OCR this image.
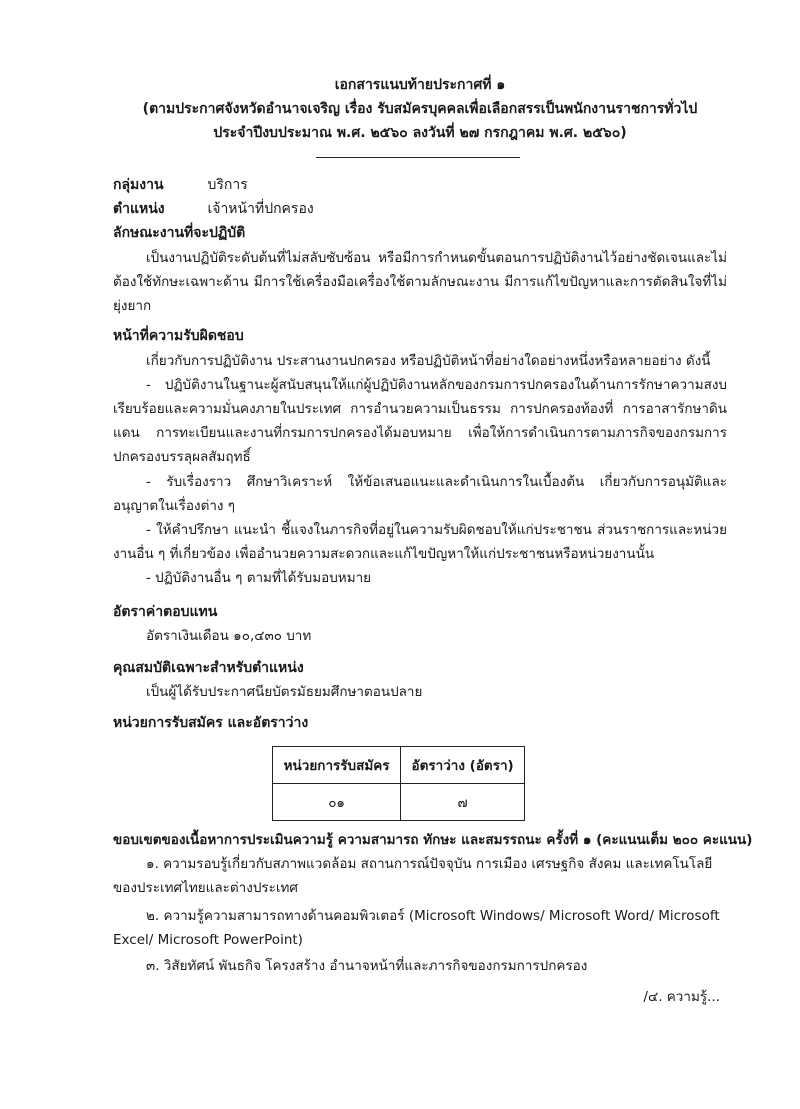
เอกสารแนบท้ายประกาศที่ ๑
(ตามประกาศจังหวัดอำนาจเจริญ เรื่อง รับสมัครบุคคลเพื่อเลือกสรรเป็นพนักงานราชการทั่วไป
ประจำปีงบประมาณ พ.ศ. ๒๕๖๐ ลงวันที่ ๒๗ กรกฎาคม พ.ศ. ๒๕๖๐)
กลุ่มงาน	บริการ
ตำแหน่ง	เจ้าหน้าที่ปกครอง
ลักษณะงานที่จะปฏิบัติ
เป็นงานปฏิบัติระดับต้นที่ไม่สลับซับซ้อน หรือมีการกำหนดขั้นตอนการปฏิบัติงานไว้อย่างชัดเจนและไม่ต้องใช้ทักษะเฉพาะด้าน มีการใช้เครื่องมือเครื่องใช้ตามลักษณะงาน มีการแก้ไขปัญหาและการตัดสินใจที่ไม่ยุ่งยาก
หน้าที่ความรับผิดชอบ
เกี่ยวกับการปฏิบัติงาน ประสานงานปกครอง หรือปฏิบัติหน้าที่อย่างใดอย่างหนึ่งหรือหลายอย่าง ดังนี้
- ปฏิบัติงานในฐานะผู้สนับสนุนให้แก่ผู้ปฏิบัติงานหลักของกรมการปกครองในด้านการรักษาความสงบเรียบร้อยและความมั่นคงภายในประเทศ การอำนวยความเป็นธรรม การปกครองท้องที่ การอาสารักษาดินแดน การทะเบียนและงานที่กรมการปกครองได้มอบหมาย เพื่อให้การดำเนินการตามภารกิจของกรมการปกครองบรรลุผลสัมฤทธิ์
- รับเรื่องราว ศึกษาวิเคราะห์ ให้ข้อเสนอแนะและดำเนินการในเบื้องต้น เกี่ยวกับการอนุมัติและอนุญาตในเรื่องต่าง ๆ
- ให้คำปรึกษา แนะนำ ชี้แจงในภารกิจที่อยู่ในความรับผิดชอบให้แก่ประชาชน ส่วนราชการและหน่วยงานอื่น ๆ ที่เกี่ยวข้อง เพื่ออำนวยความสะดวกและแก้ไขปัญหาให้แก่ประชาชนหรือหน่วยงานนั้น
- ปฏิบัติงานอื่น ๆ ตามที่ได้รับมอบหมาย
อัตราค่าตอบแทน
อัตราเงินเดือน ๑๐,๔๓๐ บาท
คุณสมบัติเฉพาะสำหรับตำแหน่ง
เป็นผู้ได้รับประกาศนียบัตรมัธยมศึกษาตอนปลาย
หน่วยการรับสมัคร และอัตราว่าง
หน่วยการรับสมัคร	อัตราว่าง (อัตรา)
๐๑	๗
ขอบเขตของเนื้อหาการประเมินความรู้ ความสามารถ ทักษะ และสมรรถนะ ครั้งที่ ๑ (คะแนนเต็ม ๒๐๐ คะแนน)
๑. ความรอบรู้เกี่ยวกับสภาพแวดล้อม สถานการณ์ปัจจุบัน การเมือง เศรษฐกิจ สังคม และเทคโนโลยี
ของประเทศไทยและต่างประเทศ
๒. ความรู้ความสามารถทางด้านคอมพิวเตอร์ (Microsoft Windows/ Microsoft Word/ Microsoft
Excel/ Microsoft PowerPoint)
๓. วิสัยทัศน์ พันธกิจ โครงสร้าง อำนาจหน้าที่และภารกิจของกรมการปกครอง
/๔. ความรู้...
